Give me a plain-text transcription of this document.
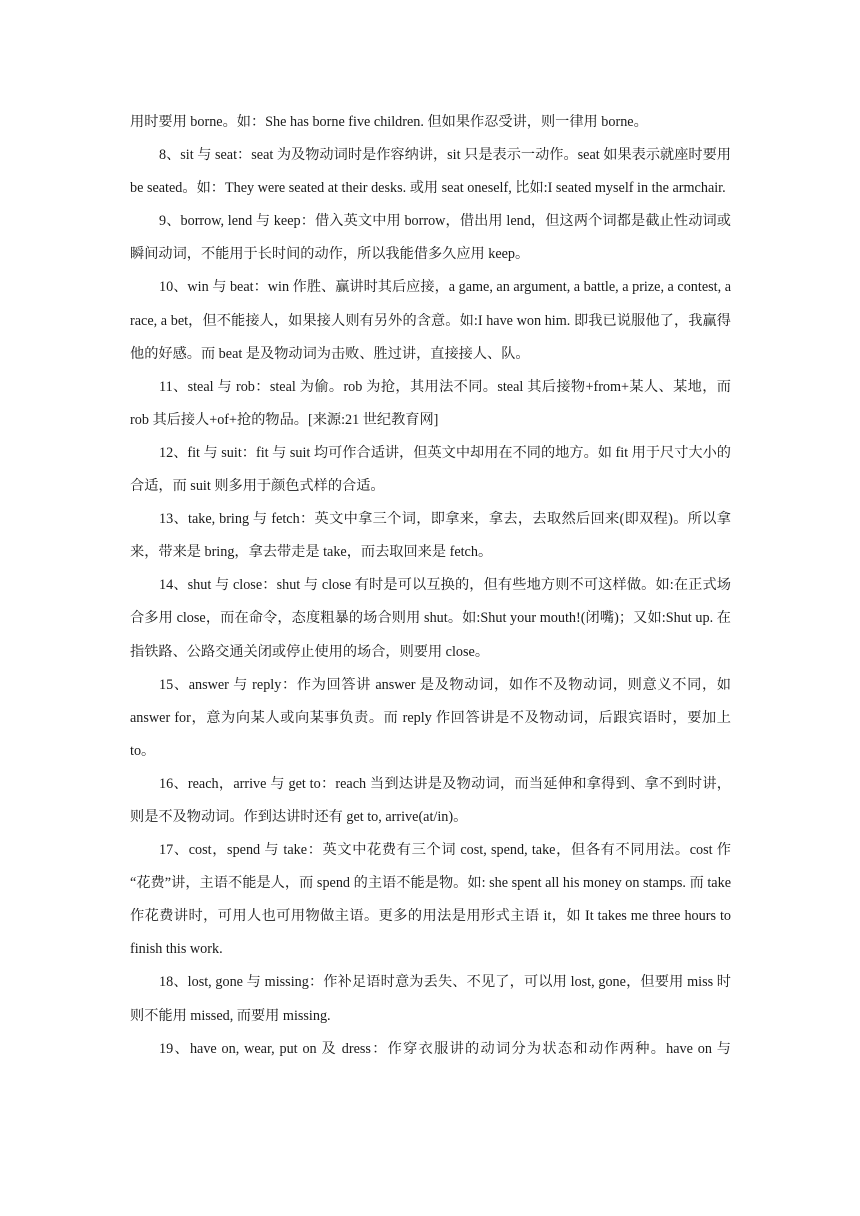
用时要用 borne。如：She has borne five children. 但如果作忍受讲，则一律用 borne。

8、sit 与 seat：seat 为及物动词时是作容纳讲，sit 只是表示一动作。seat 如果表示就座时要用 be seated。如：They were seated at their desks. 或用 seat oneself, 比如:I seated myself in the armchair.

9、borrow, lend 与 keep：借入英文中用 borrow，借出用 lend，但这两个词都是截止性动词或瞬间动词，不能用于长时间的动作，所以我能借多久应用 keep。

10、win 与 beat：win 作胜、赢讲时其后应接，a game, an argument, a battle, a prize, a contest, a race, a bet，但不能接人，如果接人则有另外的含意。如:I have won him. 即我已说服他了，我赢得他的好感。而 beat 是及物动词为击败、胜过讲，直接接人、队。

11、steal 与 rob：steal 为偷。rob 为抢，其用法不同。steal 其后接物+from+某人、某地，而 rob 其后接人+of+抢的物品。[来源:21 世纪教育网]

12、fit 与 suit：fit 与 suit 均可作合适讲，但英文中却用在不同的地方。如 fit 用于尺寸大小的合适，而 suit 则多用于颜色式样的合适。

13、take, bring 与 fetch：英文中拿三个词，即拿来，拿去，去取然后回来(即双程)。所以拿来，带来是 bring，拿去带走是 take，而去取回来是 fetch。

14、shut 与 close：shut 与 close 有时是可以互换的，但有些地方则不可这样做。如:在正式场合多用 close，而在命令，态度粗暴的场合则用 shut。如:Shut your mouth!(闭嘴)；又如:Shut up. 在指铁路、公路交通关闭或停止使用的场合，则要用 close。

15、answer 与 reply：作为回答讲 answer 是及物动词，如作不及物动词，则意义不同，如 answer for，意为向某人或向某事负责。而 reply 作回答讲是不及物动词，后跟宾语时，要加上 to。

16、reach，arrive 与 get to：reach 当到达讲是及物动词，而当延伸和拿得到、拿不到时讲，则是不及物动词。作到达讲时还有 get to, arrive(at/in)。

17、cost，spend 与 take：英文中花费有三个词 cost, spend, take，但各有不同用法。cost 作 “花费”讲，主语不能是人，而 spend 的主语不能是物。如: she spent all his money on stamps. 而 take 作花费讲时，可用人也可用物做主语。更多的用法是用形式主语 it，如 It takes me three hours to finish this work.

18、lost, gone 与 missing：作补足语时意为丢失、不见了，可以用 lost, gone，但要用 miss 时则不能用 missed, 而要用 missing.

19、have on, wear, put on 及 dress：作穿衣服讲的动词分为状态和动作两种。have on 与
